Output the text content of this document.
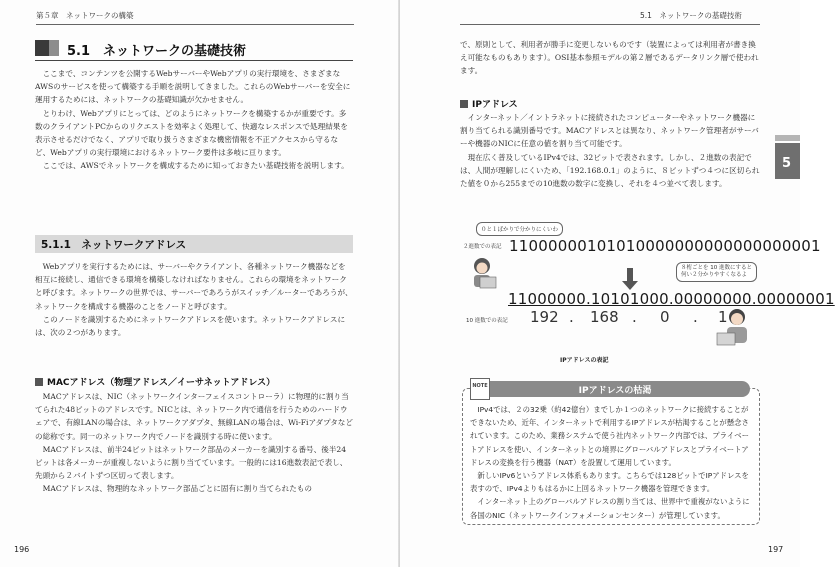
第５章　ネットワークの構築
5.1　ネットワークの基礎技術

ここまで、コンテンツを公開するWebサーバーやWebアプリの実行環境を、さまざまなAWSのサービスを使って構築する手順を説明してきました。これらのWebサーバーを安全に運用するためには、ネットワークの基礎知識が欠かせません。

とりわけ、Webアプリにとっては、どのようにネットワークを構築するかが重要です。多数のクライアントPCからのリクエストを効率よく処理して、快適なレスポンスで処理結果を表示させるだけでなく、アプリで取り扱うさまざまな機密情報を不正アクセスから守るなど、Webアプリの実行環境におけるネットワーク要件は多岐に亘ります。

ここでは、AWSでネットワークを構成するために知っておきたい基礎技術を説明します。

5.1.1　ネットワークアドレス

Webアプリを実行するためには、サーバーやクライアント、各種ネットワーク機器などを相互に接続し、通信できる環境を構築しなければなりません。これらの環境をネットワークと呼びます。ネットワークの世界では、サーバーであろうがスイッチ／ルーターであろうが、ネットワークを構成する機器のことをノードと呼びます。

このノードを識別するためにネットワークアドレスを使います。ネットワークアドレスには、次の２つがあります。

MACアドレス（物理アドレス／イーサネットアドレス）

MACアドレスは、NIC（ネットワークインターフェイスコントローラ）に物理的に割り当てられた48ビットのアドレスです。NICとは、ネットワーク内で通信を行うためのハードウェアで、有線LANの場合は、ネットワークアダプタ、無線LANの場合は、Wi-Fiアダプタなどの総称です。同一のネットワーク内でノードを識別する時に使います。

MACアドレスは、前半24ビットはネットワーク部品のメーカーを識別する番号、後半24ビットは各メーカーが重複しないように割り当てています。一般的には16進数表記で表し、先頭から２バイトずつ区切って表します。

MACアドレスは、物理的なネットワーク部品ごとに固有に割り当てられたもの

196
5.1　ネットワークの基礎技術

で、原則として、利用者が勝手に変更しないものです（装置によっては利用者が書き換え可能なものもあります）。OSI基本参照モデルの第２層であるデータリンク層で使われます。

IPアドレス

インターネット／イントラネットに接続されたコンピューターやネットワーク機器に割り当てられる識別番号です。MACアドレスとは異なり、ネットワーク管理者がサーバーや機器のNICに任意の値を割り当て可能です。

現在広く普及しているIPv4では、32ビットで表されます。しかし、２進数の表記では、人間が理解しにくいため、「192.168.0.1」のように、８ビットずつ４つに区切られた値を０から255までの10進数の数字に変換し、それを４つ並べて表します。

5
０と１ばかりで分かりにくいわ
２進数での表記 11000000101010000000000000000001
８桁ごとを 10 進数にすると
何い２分かりやすくなるよ
11000000.10101000.00000000.00000001
10 進数での表記 192 . 168 . 0 . 1
IPアドレスの表記
IPアドレスの枯渇
NOTE

IPv4では、２の32乗（約42億台）までしか１つのネットワークに接続することができないため、近年、インターネットで利用するIPアドレスが枯渇することが懸念されています。このため、業務システムで使う社内ネットワーク内部では、プライベートアドレスを使い、インターネットとの境界にグローバルアドレスとプライベートアドレスの変換を行う機器（NAT）を設置して運用しています。

新しいIPv6というアドレス体系もあります。こちらでは128ビットでIPアドレスを表すので、IPv4よりもはるかに上回るネットワーク機器を管理できます。

インターネット上のグローバルアドレスの割り当ては、世界中で重複がないように各国のNIC（ネットワークインフォメーションセンター）が管理しています。

197
